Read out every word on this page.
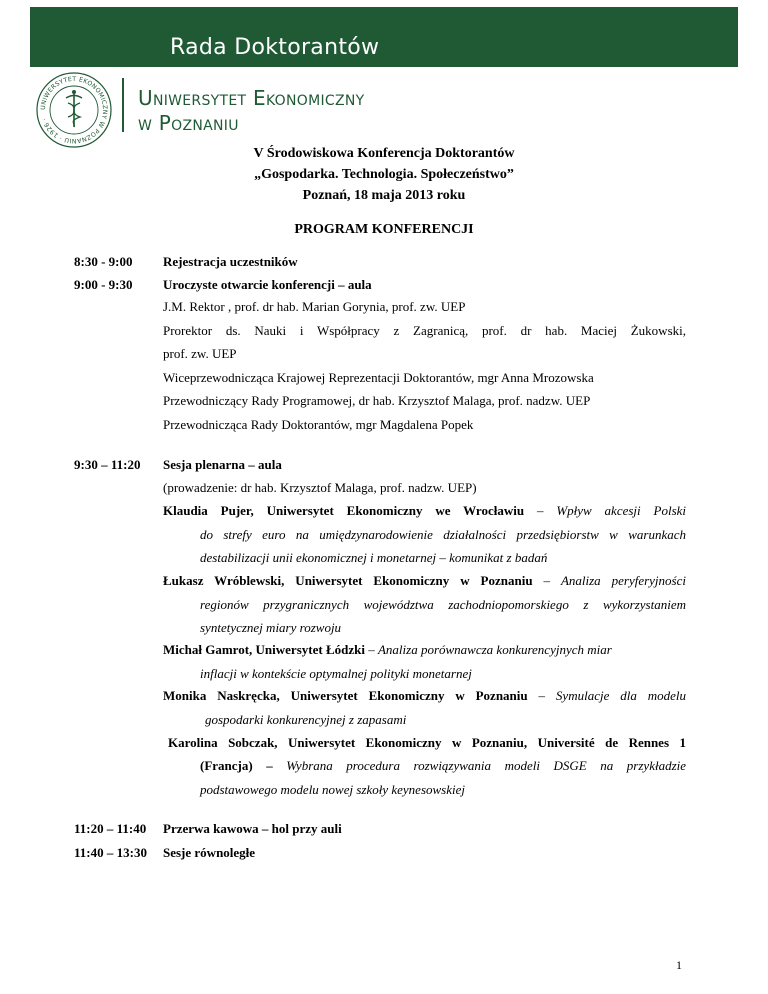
Rada Doktorantów
UNIWERSYTET EKONOMICZNY W POZNANIU · 1926 ·
Uniwersytet Ekonomiczny
w Poznaniu
V Środowiskowa Konferencja Doktorantów
„Gospodarka. Technologia. Społeczeństwo”
Poznań, 18 maja 2013 roku
PROGRAM KONFERENCJI
8:30 - 9:00 Rejestracja uczestników
9:00 - 9:30 Uroczyste otwarcie konferencji – aula
J.M. Rektor , prof. dr hab. Marian Gorynia, prof. zw. UEP
Prorektor ds. Nauki i Współpracy z Zagranicą, prof. dr hab. Maciej Żukowski,
prof. zw. UEP
Wiceprzewodnicząca Krajowej Reprezentacji Doktorantów, mgr Anna Mrozowska
Przewodniczący Rady Programowej, dr hab. Krzysztof Malaga, prof. nadzw. UEP
Przewodnicząca Rady Doktorantów, mgr Magdalena Popek
9:30 – 11:20 Sesja plenarna – aula
(prowadzenie: dr hab. Krzysztof Malaga, prof. nadzw. UEP)
Klaudia Pujer, Uniwersytet Ekonomiczny we Wrocławiu – Wpływ akcesji Polski
do strefy euro na umiędzynarodowienie działalności przedsiębiorstw w warunkach
destabilizacji unii ekonomicznej i monetarnej – komunikat z badań
Łukasz Wróblewski, Uniwersytet Ekonomiczny w Poznaniu – Analiza peryferyjności
regionów przygranicznych województwa zachodniopomorskiego z wykorzystaniem
syntetycznej miary rozwoju
Michał Gamrot, Uniwersytet Łódzki – Analiza porównawcza konkurencyjnych miar
inflacji w kontekście optymalnej polityki monetarnej
Monika Naskręcka, Uniwersytet Ekonomiczny w Poznaniu – Symulacje dla modelu
gospodarki konkurencyjnej z zapasami
Karolina Sobczak, Uniwersytet Ekonomiczny w Poznaniu, Université de Rennes 1
(Francja) – Wybrana procedura rozwiązywania modeli DSGE na przykładzie
podstawowego modelu nowej szkoły keynesowskiej
11:20 – 11:40 Przerwa kawowa – hol przy auli
11:40 – 13:30 Sesje równoległe
1
